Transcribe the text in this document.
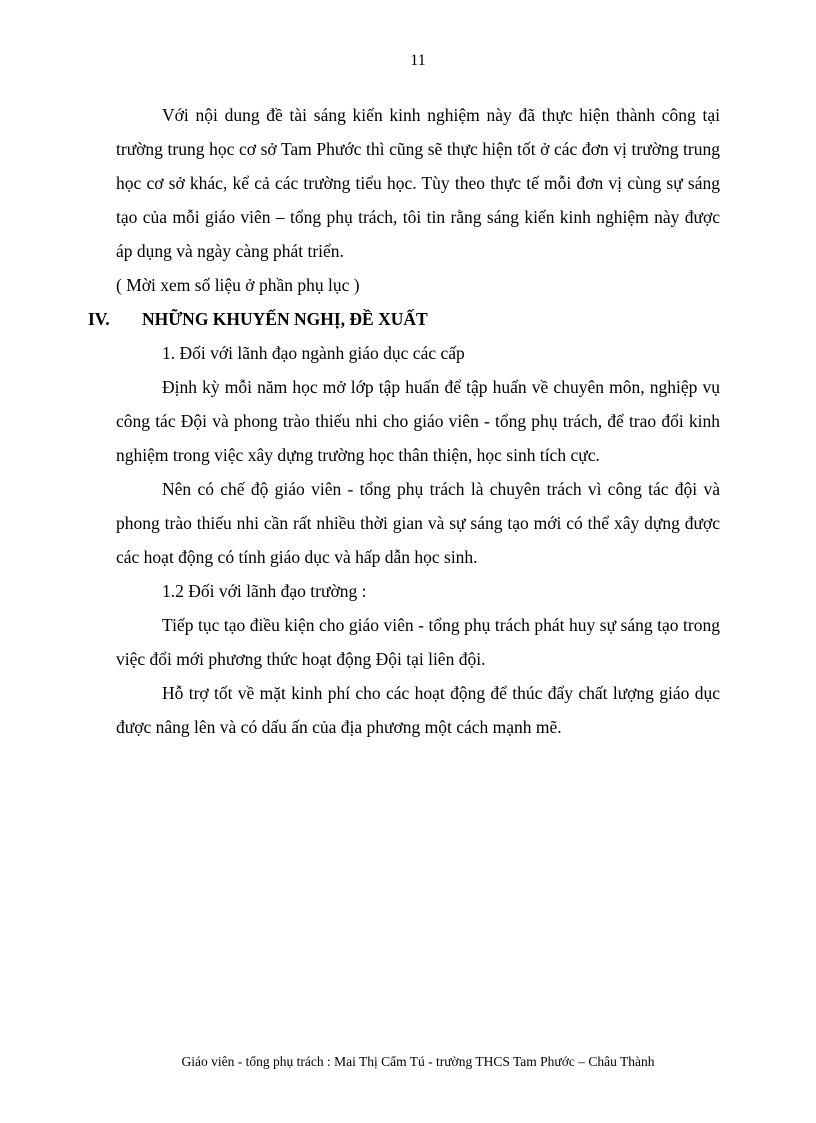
11

Với nội dung đề tài sáng kiến kinh nghiệm này đã thực hiện thành công tại trường trung học cơ sở Tam Phước thì cũng sẽ thực hiện tốt ở các đơn vị trường trung học cơ sở khác, kể cả các trường tiểu học. Tùy theo thực tế mỗi đơn vị cùng sự sáng tạo của mỗi giáo viên – tổng phụ trách, tôi tin rằng sáng kiến kinh nghiệm này được áp dụng và ngày càng phát triển.

( Mời xem số liệu ở phần phụ lục )

IV.	NHỮNG KHUYẾN NGHỊ, ĐỀ XUẤT

1. Đối với lãnh đạo ngành giáo dục các cấp

Định kỳ mỗi năm học mở lớp tập huấn để tập huấn về chuyên môn, nghiệp vụ công tác Đội và phong trào thiếu nhi cho giáo viên - tổng phụ trách, để trao đổi kinh nghiệm trong việc xây dựng trường học thân thiện, học sinh tích cực.

Nên có chế độ giáo viên - tổng phụ trách là chuyên trách vì công tác đội và phong trào thiếu nhi cần rất nhiều thời gian và sự sáng tạo mới có thể xây dựng được các hoạt động có tính giáo dục và hấp dẫn học sinh.

1.2 Đối với lãnh đạo trường :

Tiếp tục tạo điều kiện cho giáo viên - tổng phụ trách phát huy sự sáng tạo trong việc đổi mới phương thức hoạt động Đội tại liên đội.

Hỗ trợ tốt về mặt kinh phí cho các hoạt động để thúc đẩy chất lượng giáo dục được nâng lên và có dấu ấn của địa phương một cách mạnh mẽ.

Giáo viên - tổng phụ trách : Mai Thị Cẩm Tú - trường THCS Tam Phước – Châu Thành
